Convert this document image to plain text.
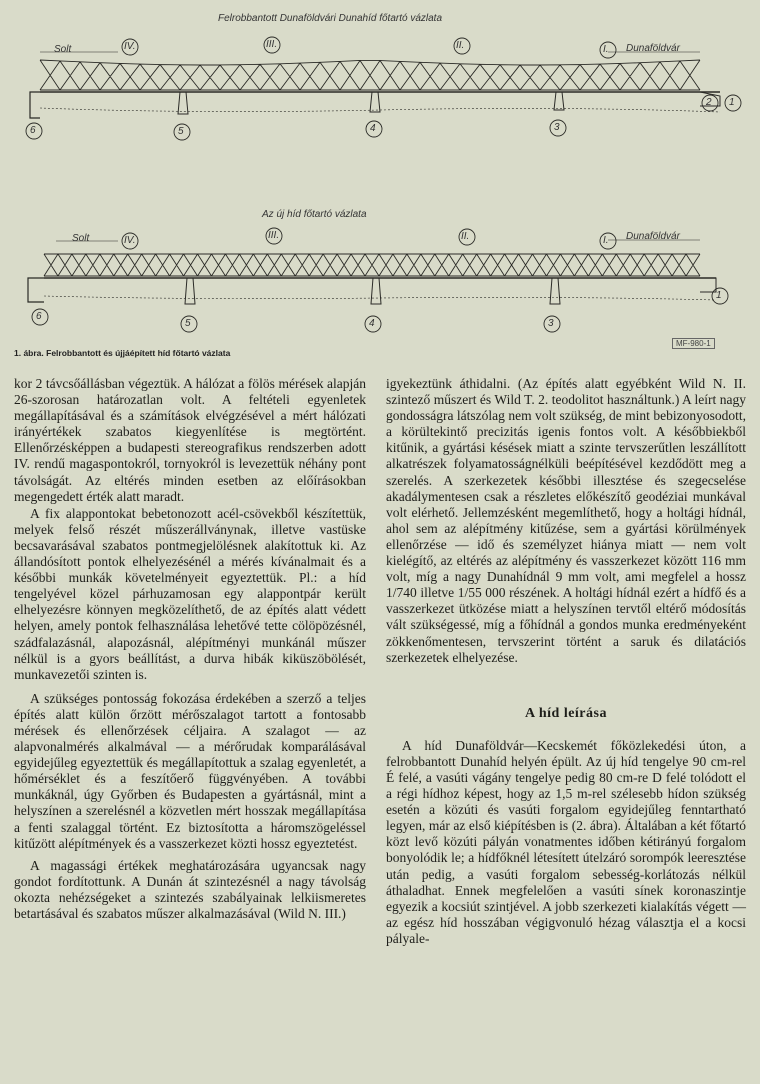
Felrobbantott Dunaföldvári Dunahíd főtartó vázlata
Solt	Dunaföldvár
IV.	III.	II.	I.
6	5	4	3
2 1
Az új híd főtartó vázlata
Solt	Dunaföldvár
IV.	III.	II.	I.
6
5	4	3
1
1. ábra. Felrobbantott és újjáépített híd főtartó vázlata
MF-980-1

kor 2 távcsőállásban végeztük. A hálózat a fölös mérések alapján 26-szorosan határozatlan volt. A feltételi egyenletek megállapításával és a számítások elvégzésével a mért hálózati irányértékek szabatos kiegyenlítése is megtörtént. Ellenőrzésképpen a budapesti stereografikus rendszerben adott IV. rendű magaspontokról, tornyokról is levezettük néhány pont távolságát. Az eltérés minden esetben az előírásokban megengedett érték alatt maradt.

A fix alappontokat bebetonozott acél-csövekből készítettük, melyek felső részét műszerállványnak, illetve vastüske becsavarásával szabatos pontmegjelölésnek alakítottuk ki. Az állandósított pontok elhelyezésénél a mérés kívánalmait és a későbbi munkák követelményeit egyeztettük. Pl.: a híd tengelyével közel párhuzamosan egy alappontpár került elhelyezésre könnyen megközelíthető, de az építés alatt védett helyen, amely pontok felhasználása lehetővé tette cölöpözésnél, szádfalazásnál, alapozásnál, alépítményi munkánál műszer nélkül is a gyors beállítást, a durva hibák kiküszöbölését, munkavezetői szinten is.

A szükséges pontosság fokozása érdekében a szerző a teljes építés alatt külön őrzött mérőszalagot tartott a fontosabb mérések és ellenőrzések céljaira. A szalagot — az alapvonalmérés alkalmával — a mérőrudak komparálásával egyidejűleg egyeztettük és megállapítottuk a szalag egyenletét, a hőmérséklet és a feszítőerő függvényében. A további munkáknál, úgy Győrben és Budapesten a gyártásnál, mint a helyszínen a szerelésnél a közvetlen mért hosszak megállapítása a fenti szalaggal történt. Ez biztosította a háromszögeléssel kitűzött alépítmények és a vasszerkezet közti hossz egyeztetést.

A magassági értékek meghatározására ugyancsak nagy gondot fordítottunk. A Dunán át szintezésnél a nagy távolság okozta nehézségeket a szintezés szabályainak lelkiismeretes betartásával és szabatos műszer alkalmazásával (Wild N. III.)

igyekeztünk áthidalni. (Az építés alatt egyébként Wild N. II. szintező műszert és Wild T. 2. teodolitot használtunk.) A leírt nagy gondosságra látszólag nem volt szükség, de mint bebizonyosodott, a körültekintő precizitás igenis fontos volt. A későbbiekből kitűnik, a gyártási késések miatt a szinte tervszerűtlen leszállított alkatrészek folyamatosságnélküli beépítésével kezdődött meg a szerelés. A szerkezetek későbbi illesztése és szegecselése akadálymentesen csak a részletes előkészítő geodéziai munkával volt elérhető. Jellemzésként megemlíthető, hogy a holtági hídnál, ahol sem az alépítmény kitűzése, sem a gyártási körülmények ellenőrzése — idő és személyzet hiánya miatt — nem volt kielégítő, az eltérés az alépítmény és vasszerkezet között 116 mm volt, míg a nagy Dunahídnál 9 mm volt, ami megfelel a hossz 1/740 illetve 1/55 000 részének. A holtági hídnál ezért a hídfő és a vasszerkezet ütközése miatt a helyszínen tervtől eltérő módosítás vált szükségessé, míg a főhídnál a gondos munka eredményeként zökkenőmentesen, tervszerint történt a saruk és dilatációs szerkezetek elhelyezése.

A híd leírása

A híd Dunaföldvár—Kecskemét főközlekedési úton, a felrobbantott Dunahíd helyén épült. Az új híd tengelye 90 cm-rel É felé, a vasúti vágány tengelye pedig 80 cm-re D felé tolódott el a régi hídhoz képest, hogy az 1,5 m-rel szélesebb hídon szükség esetén a közúti és vasúti forgalom egyidejűleg fenntartható legyen, már az első kiépítésben is (2. ábra). Általában a két főtartó közt levő közúti pályán vonatmentes időben kétirányú forgalom bonyolódik le; a hídfőknél létesített útelzáró sorompók leeresztése után pedig, a vasúti forgalom sebesség-korlátozás nélkül áthaladhat. Ennek megfelelően a vasúti sínek koronaszintje egyezik a kocsiút szintjével. A jobb szerkezeti kialakítás végett — az egész híd hosszában végigvonuló hézag választja el a kocsi pályale-
